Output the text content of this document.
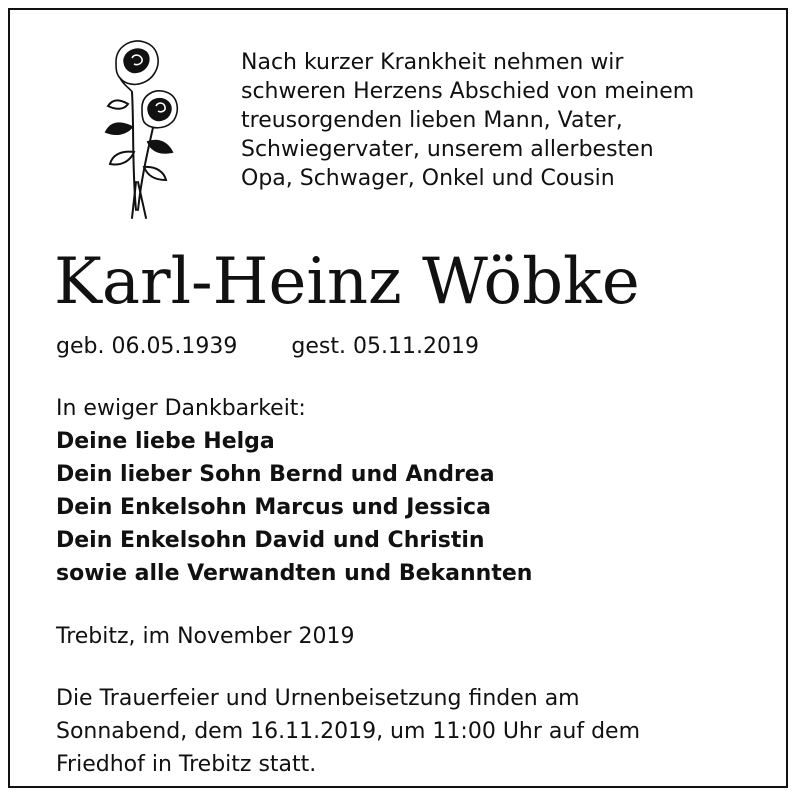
Nach kurzer Krankheit nehmen wir
schweren Herzens Abschied von meinem
treusorgenden lieben Mann, Vater,
Schwiegervater, unserem allerbesten
Opa, Schwager, Onkel und Cousin
Karl-Heinz Wöbke
geb. 06.05.1939 gest. 05.11.2019
In ewiger Dankbarkeit:
Deine liebe Helga
Dein lieber Sohn Bernd und Andrea
Dein Enkelsohn Marcus und Jessica
Dein Enkelsohn David und Christin
sowie alle Verwandten und Bekannten
Trebitz, im November 2019
Die Trauerfeier und Urnenbeisetzung finden am
Sonnabend, dem 16.11.2019, um 11:00 Uhr auf dem
Friedhof in Trebitz statt.
